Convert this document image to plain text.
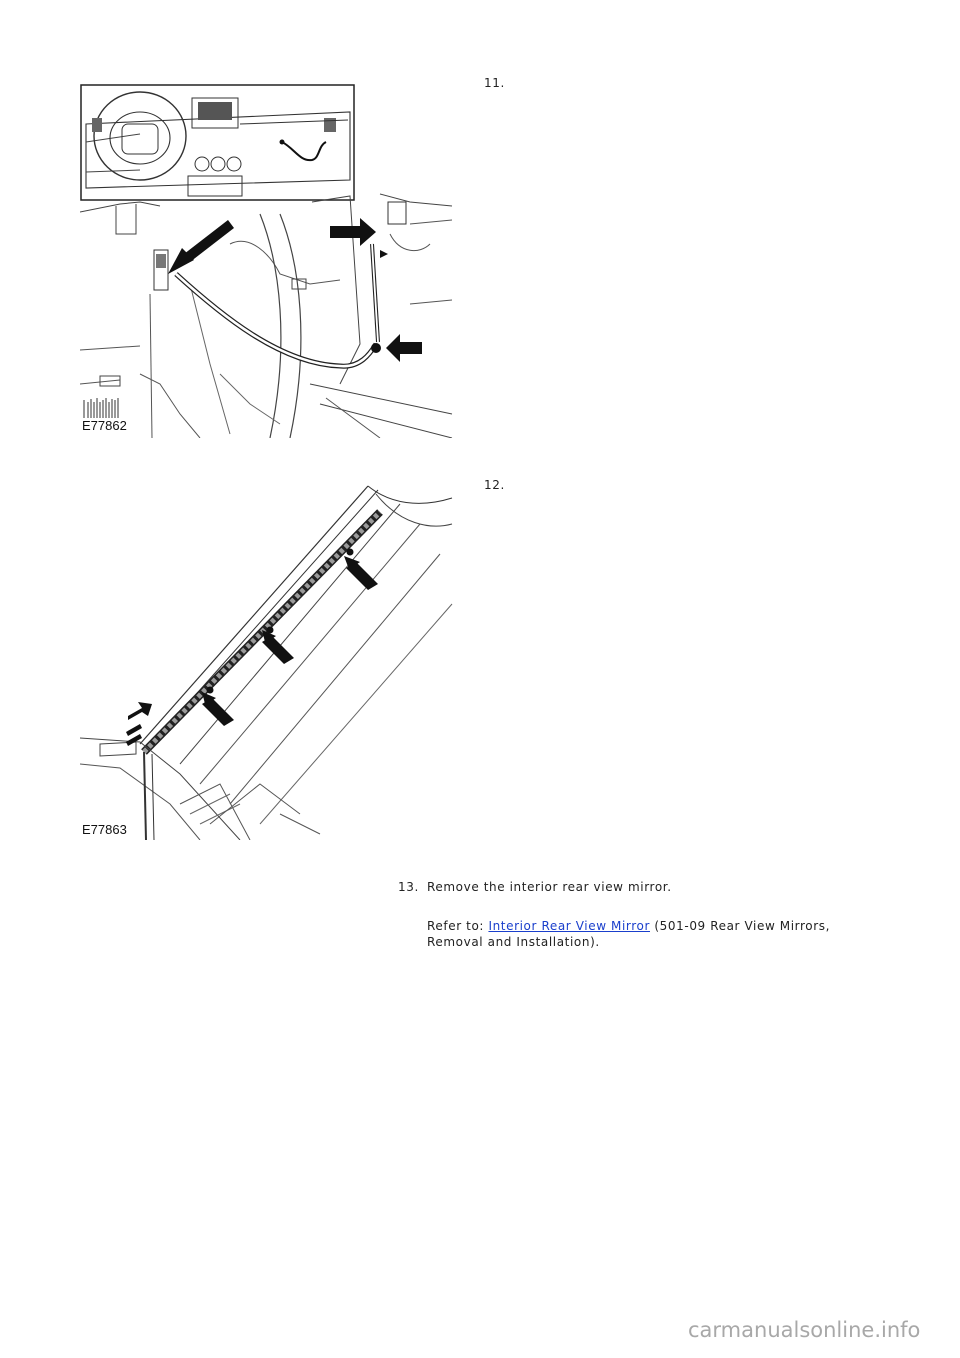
11.
E77862
12.
E77863
13. Remove the interior rear view mirror.
Refer to: Interior Rear View Mirror (501-09 Rear View Mirrors, Removal and Installation).
carmanualsonline.info
